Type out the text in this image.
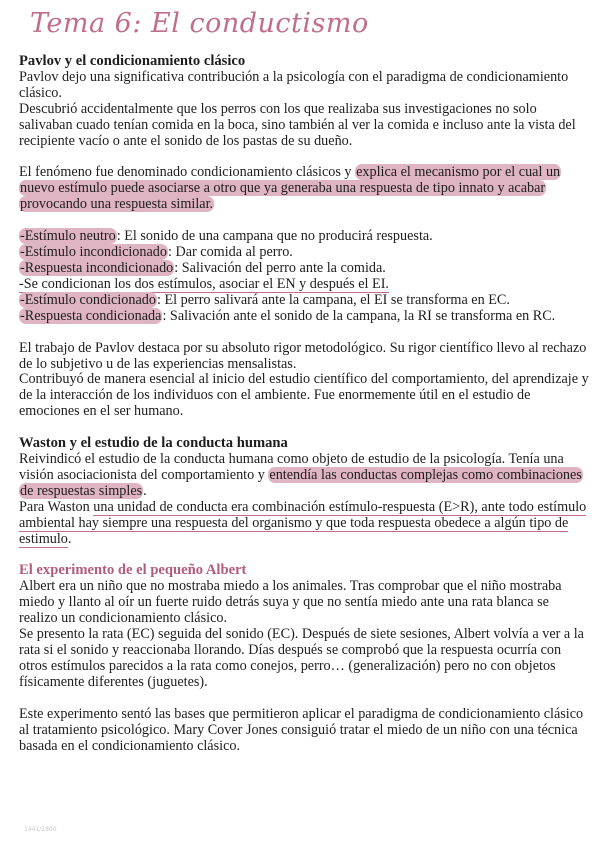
Tema 6: El conductismo

Pavlov y el condicionamiento clásico

Pavlov dejo una significativa contribución a la psicología con el paradigma de condicionamiento clásico.

Descubrió accidentalmente que los perros con los que realizaba sus investigaciones no solo salivaban cuado tenían comida en la boca, sino también al ver la comida e incluso ante la vista del recipiente vacío o ante el sonido de los pastas de su dueño.

El fenómeno fue denominado condicionamiento clásicos y explica el mecanismo por el cual un nuevo estímulo puede asociarse a otro que ya generaba una respuesta de tipo innato y acabar provocando una respuesta similar.

-Estímulo neutro: El sonido de una campana que no producirá respuesta.

-Estímulo incondicionado: Dar comida al perro.

-Respuesta incondicionado: Salivación del perro ante la comida.

-Se condicionan los dos estímulos, asociar el EN y después el EI.

-Estímulo condicionado: El perro salivará ante la campana, el EI se transforma en EC.

-Respuesta condicionada: Salivación ante el sonido de la campana, la RI se transforma en RC.

El trabajo de Pavlov destaca por su absoluto rigor metodológico. Su rigor científico llevo al rechazo de lo subjetivo u de las experiencias mensalistas.

Contribuyó de manera esencial al inicio del estudio científico del comportamiento, del aprendizaje y de la interacción de los individuos con el ambiente. Fue enormemente útil en el estudio de emociones en el ser humano.

Waston y el estudio de la conducta humana

Reivindicó el estudio de la conducta humana como objeto de estudio de la psicología. Tenía una visión asociacionista del comportamiento y entendía las conductas complejas como combinaciones de respuestas simples.

Para Waston una unidad de conducta era combinación estímulo-respuesta (E>R), ante todo estímulo ambiental hay siempre una respuesta del organismo y que toda respuesta obedece a algún tipo de estimulo.

El experimento de el pequeño Albert

Albert era un niño que no mostraba miedo a los animales. Tras comprobar que el niño mostraba miedo y llanto al oír un fuerte ruido detrás suya y que no sentía miedo ante una rata blanca se realizo un condicionamiento clásico.

Se presento la rata (EC) seguida del sonido (EC). Después de siete sesiones, Albert volvía a ver a la rata si el sonido y reaccionaba llorando. Días después se comprobó que la respuesta ocurría con otros estímulos parecidos a la rata como conejos, perro… (generalización) pero no con objetos físicamente diferentes (juguetes).

Este experimento sentó las bases que permitieron aplicar el paradigma de condicionamiento clásico al tratamiento psicológico. Mary Cover Jones consiguió tratar el miedo de un niño con una técnica basada en el condicionamiento clásico.

1441/1800
